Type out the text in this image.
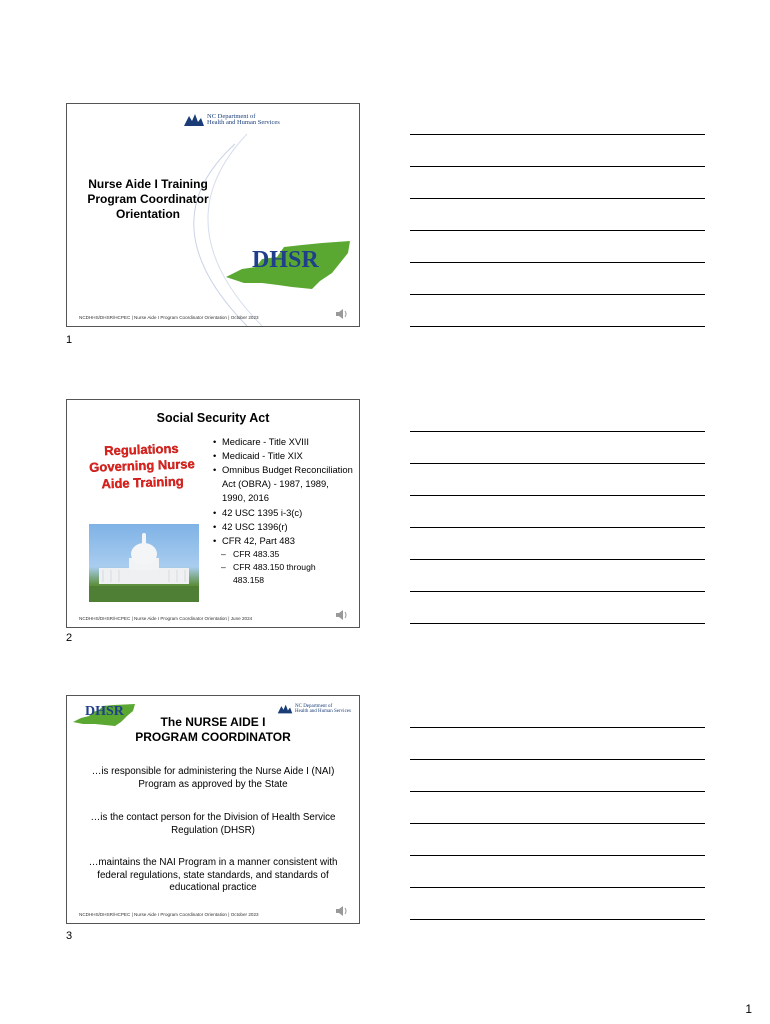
NC Department of
Health and Human Services
Nurse Aide I Training Program Coordinator Orientation
DHSR
NCDHHS/DHSR/HCPEC | Nurse Aide I Program Coordinator Orientation | October 2023
1
Social Security Act
Regulations Governing Nurse Aide Training
• Medicare - Title XVIII
• Medicaid - Title XIX
• Omnibus Budget Reconciliation Act (OBRA) - 1987, 1989, 1990, 2016
• 42 USC 1395 i-3(c)
• 42 USC 1396(r)
• CFR 42, Part 483
– CFR 483.35
– CFR 483.150 through 483.158
NCDHHS/DHSR/HCPEC | Nurse Aide I Program Coordinator Orientation | June 2024
2
DHSR	NC Department of
Health and Human Services
The NURSE AIDE I
PROGRAM COORDINATOR
…is responsible for administering the Nurse Aide I (NAI) Program as approved by the State
…is the contact person for the Division of Health Service Regulation (DHSR)
…maintains the NAI Program in a manner consistent with federal regulations, state standards, and standards of educational practice
NCDHHS/DHSR/HCPEC | Nurse Aide I Program Coordinator Orientation | October 2023
3
1
